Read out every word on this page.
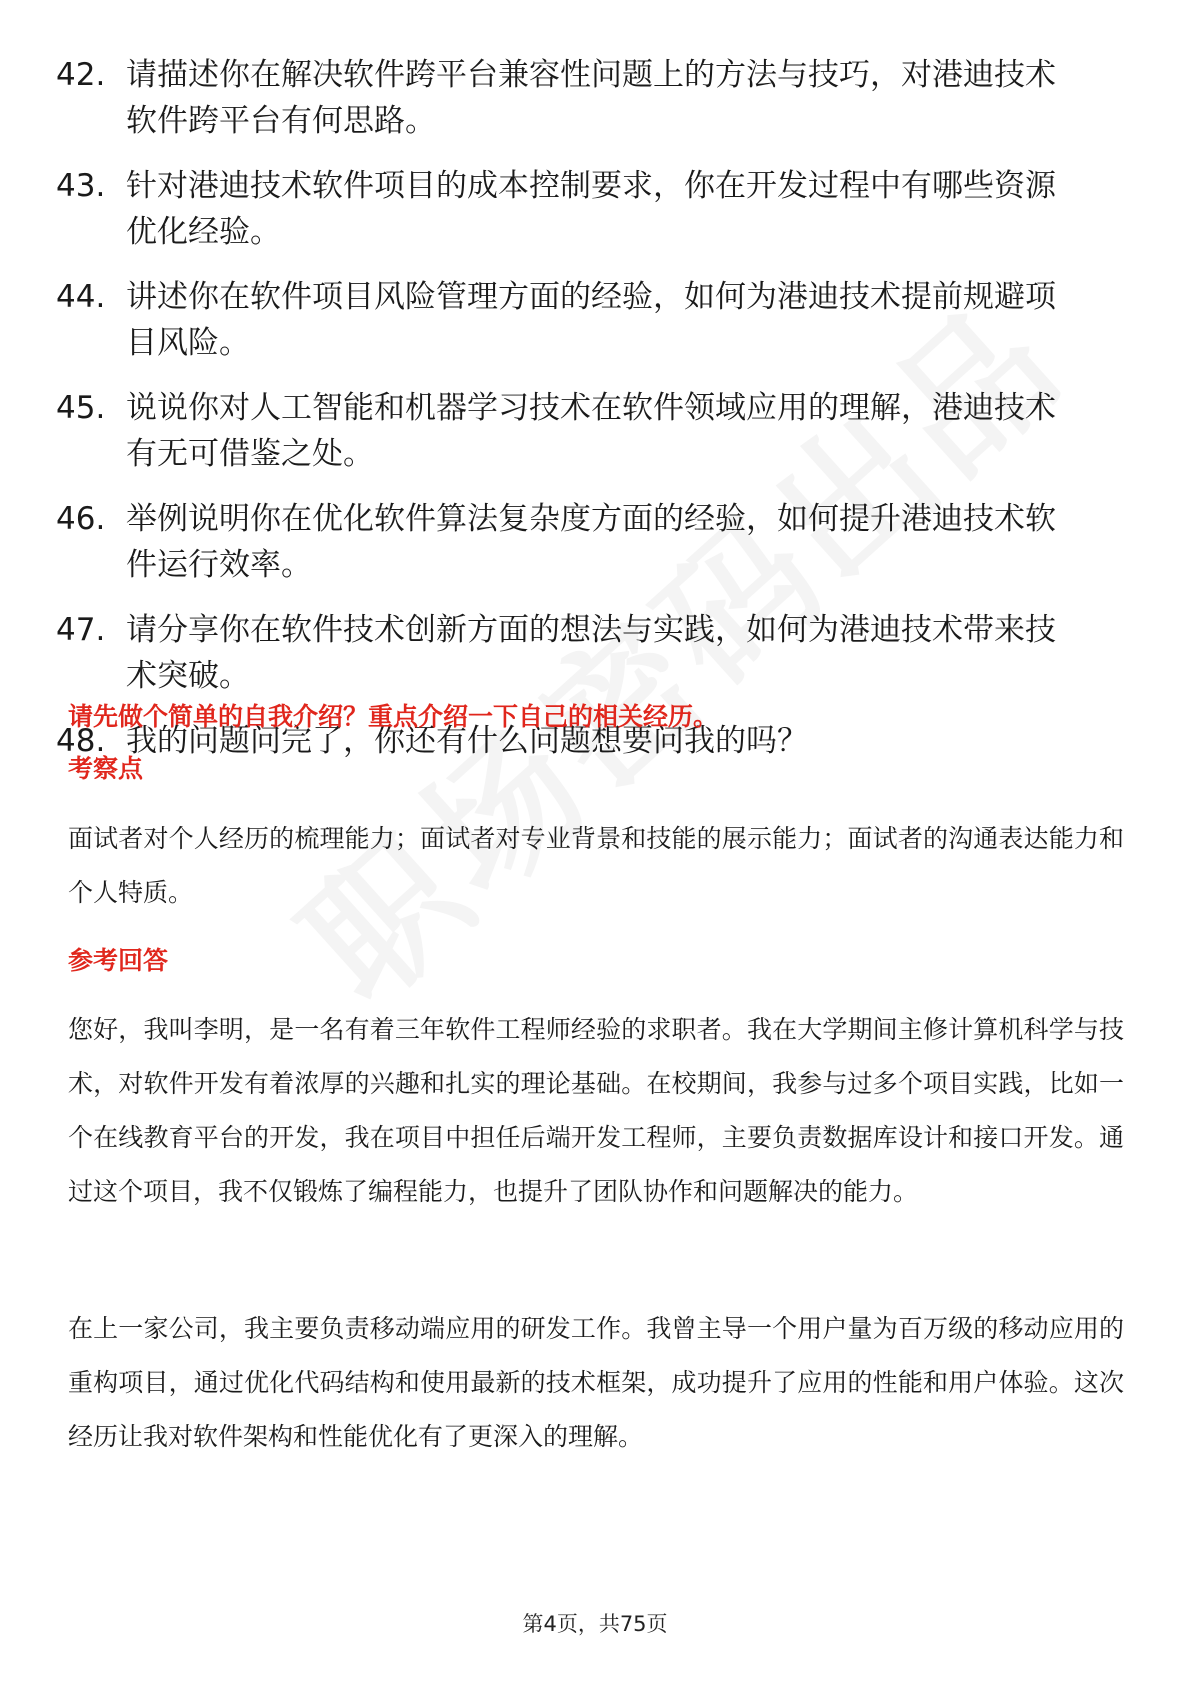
42. 请描述你在解决软件跨平台兼容性问题上的方法与技巧，对港迪技术软件跨平台有何思路。
43. 针对港迪技术软件项目的成本控制要求，你在开发过程中有哪些资源优化经验。
44. 讲述你在软件项目风险管理方面的经验，如何为港迪技术提前规避项目风险。
45. 说说你对人工智能和机器学习技术在软件领域应用的理解，港迪技术有无可借鉴之处。
46. 举例说明你在优化软件算法复杂度方面的经验，如何提升港迪技术软件运行效率。
47. 请分享你在软件技术创新方面的想法与实践，如何为港迪技术带来技术突破。
48. 我的问题问完了，你还有什么问题想要问我的吗？
请先做个简单的自我介绍？重点介绍一下自己的相关经历。
考察点
面试者对个人经历的梳理能力；面试者对专业背景和技能的展示能力；面试者的沟通表达能力和个人特质。
参考回答
您好，我叫李明，是一名有着三年软件工程师经验的求职者。我在大学期间主修计算机科学与技术，对软件开发有着浓厚的兴趣和扎实的理论基础。在校期间，我参与过多个项目实践，比如一个在线教育平台的开发，我在项目中担任后端开发工程师，主要负责数据库设计和接口开发。通过这个项目，我不仅锻炼了编程能力，也提升了团队协作和问题解决的能力。
在上一家公司，我主要负责移动端应用的研发工作。我曾主导一个用户量为百万级的移动应用的重构项目，通过优化代码结构和使用最新的技术框架，成功提升了应用的性能和用户体验。这次经历让我对软件架构和性能优化有了更深入的理解。
第4页，共75页
